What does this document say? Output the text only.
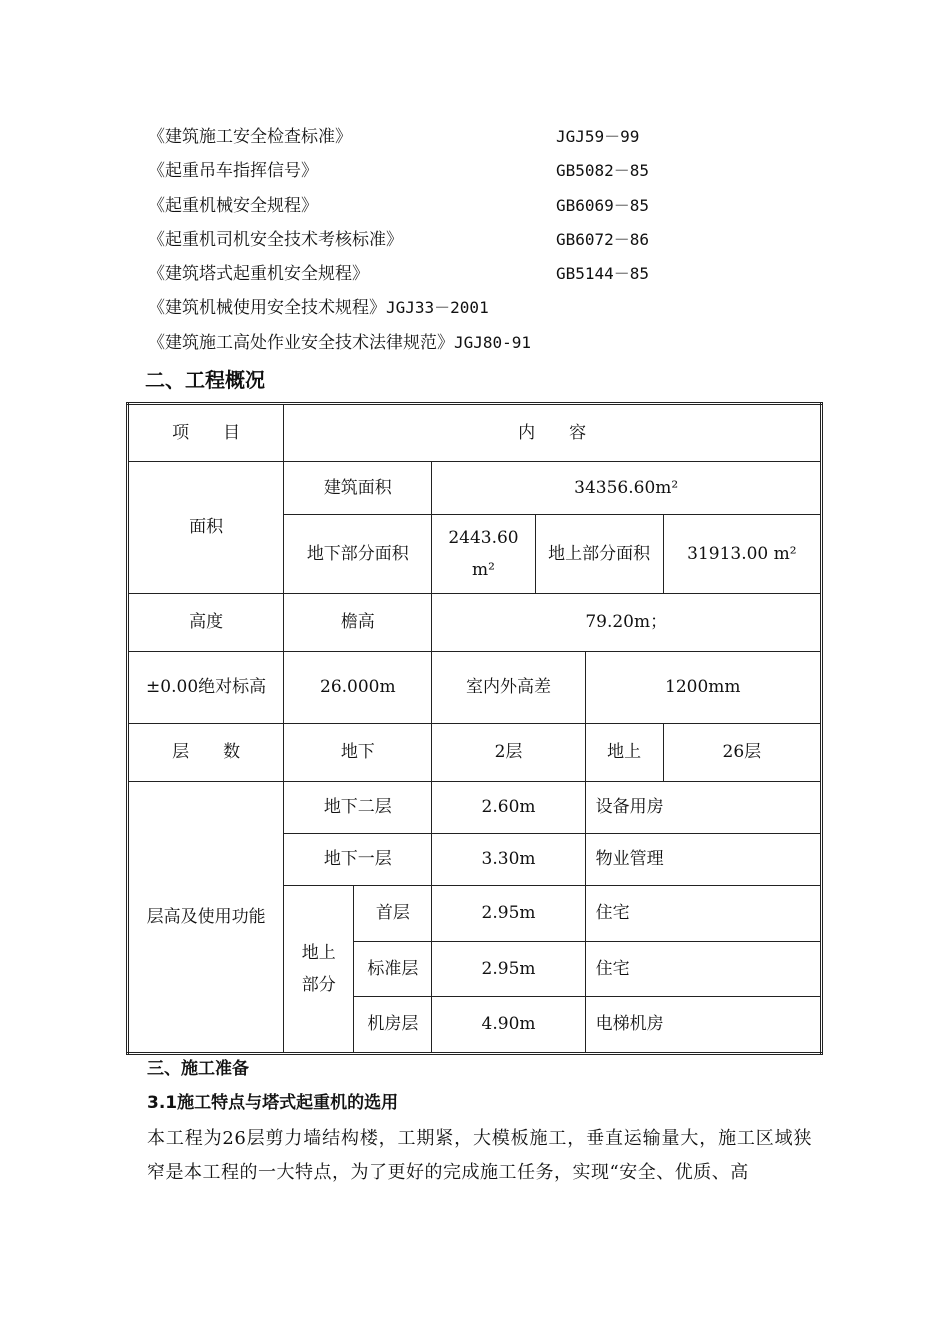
《建筑施工安全检查标准》	JGJ59－99
《起重吊车指挥信号》	GB5082－85
《起重机械安全规程》	GB6069－85
《起重机司机安全技术考核标准》	GB6072－86
《建筑塔式起重机安全规程》	GB5144－85
《建筑机械使用安全技术规程》JGJ33－2001
《建筑施工高处作业安全技术法律规范》JGJ80-91
二、工程概况
项　　目	内　　容					
面积	建筑面积		34356.60m²			
	地下部分面积		2443.60 m²	地上部分面积		31913.00 m²
高度	檐高		79.20m；			
±0.00绝对标高	26.000m		室内外高差		1200mm	
层　　数	地下		2层		地上	26层
层高及使用功能	地下二层		2.60m		设备用房	
	地下一层		3.30m		物业管理	
	地上部分	首层	2.95m		住宅	
		标准层	2.95m		住宅	
		机房层	4.90m		电梯机房	
三、施工准备
3.1施工特点与塔式起重机的选用

本工程为26层剪力墙结构楼，工期紧，大模板施工，垂直运输量大，施工区域狭窄是本工程的一大特点，为了更好的完成施工任务，实现“安全、优质、高
